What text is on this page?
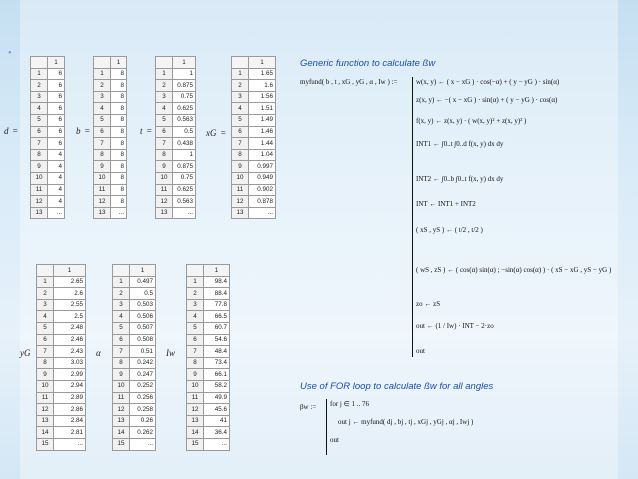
•
d =
	1
1	6
2	6
3	6
4	6
5	6
6	6
7	6
8	4
9	4
10	4
11	4
12	4
13	...
b =
	1
1	8
2	8
3	8
4	8
5	8
6	8
7	8
8	8
9	8
10	8
11	8
12	8
13	...
t =
	1
1	1
2	0.875
3	0.75
4	0.625
5	0.563
6	0.5
7	0.438
8	1
9	0.875
10	0.75
11	0.625
12	0.563
13	...
xG =
	1
1	1.65
2	1.6
3	1.56
4	1.51
5	1.49
6	1.46
7	1.44
8	1.04
9	0.997
10	0.949
11	0.902
12	0.878
13	...
yG
	1
1	2.65
2	2.6
3	2.55
4	2.5
5	2.48
6	2.46
7	2.43
8	3.03
9	2.99
10	2.94
11	2.89
12	2.86
13	2.84
14	2.81
15	...
α
	1
1	0.497
2	0.5
3	0.503
4	0.506
5	0.507
6	0.508
7	0.51
8	0.242
9	0.247
10	0.252
11	0.256
12	0.258
13	0.26
14	0.262
15	...
Iw
	1
1	98.4
2	88.4
3	77.8
4	66.5
5	60.7
6	54.6
7	48.4
8	73.4
9	66.1
10	58.2
11	49.9
12	45.6
13	41
14	36.4
15	...
Generic function to calculate ßw
Use of FOR loop to calculate ßw for all angles
myfund( b , t , xG , yG , α , Iw ) :=	w(x, y) ← ( x − xG ) · cos(−α) + ( y − yG ) · sin(α)
z(x, y) ← −( x − xG ) · sin(α) + ( y − yG ) · cos(α)
f(x, y) ← z(x, y) · ( w(x, y)² + z(x, y)² )
INT1 ← ∫0..t ∫0..d f(x, y) dx dy
INT2 ← ∫0..b ∫0..t f(x, y) dx dy
INT ← INT1 + INT2
( xS , yS ) ← ( t/2 , t/2 )
( wS , zS ) ← ( cos(α) sin(α) ; −sin(α) cos(α) ) · ( xS − xG , yS − yG )
zo ← zS
out ← (1 / Iw) · INT − 2·zo
out
βw := for j ∈ 1 .. 76
out j ← myfund( dj , bj , tj , xGj , yGj , αj , Iwj )
out
